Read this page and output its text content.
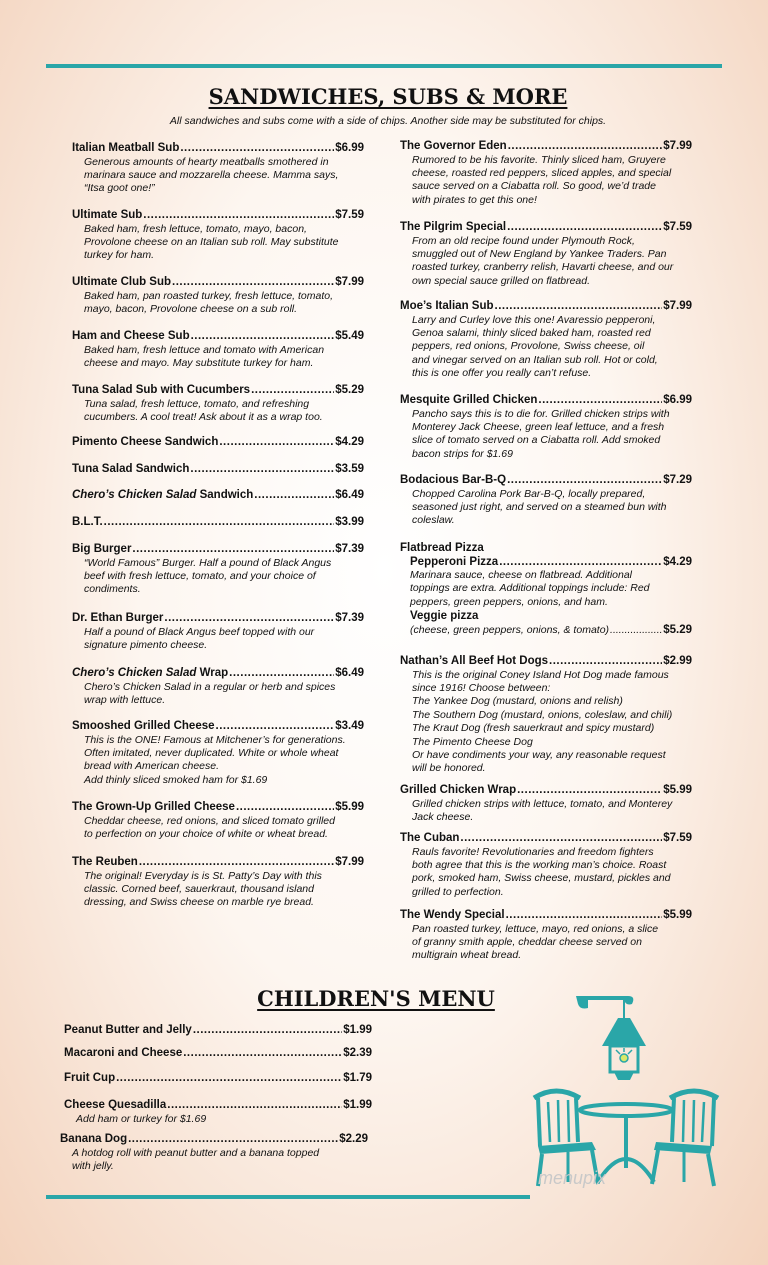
SANDWICHES, SUBS & MORE
All sandwiches and subs come with a side of chips. Another side may be substituted for chips.
Italian Meatball Sub .....	$6.99
Generous amounts of hearty meatballs smothered in
marinara sauce and mozzarella cheese. Mamma says,
“Itsa goot one!”
Ultimate Sub .....	$7.59
Baked ham, fresh lettuce, tomato, mayo, bacon,
Provolone cheese on an Italian sub roll. May substitute
turkey for ham.
Ultimate Club Sub .....	$7.99
Baked ham, pan roasted turkey, fresh lettuce, tomato,
mayo, bacon, Provolone cheese on a sub roll.
Ham and Cheese Sub .....	$5.49
Baked ham, fresh lettuce and tomato with American
cheese and mayo. May substitute turkey for ham.
Tuna Salad Sub with Cucumbers .....	$5.29
Tuna salad, fresh lettuce, tomato, and refreshing
cucumbers. A cool treat! Ask about it as a wrap too.
Pimento Cheese Sandwich .....	$4.29
Tuna Salad Sandwich .....	$3.59
Chero’s Chicken Salad Sandwich .....	$6.49
B.L.T. .....	$3.99
Big Burger .....	$7.39
“World Famous” Burger. Half a pound of Black Angus
beef with fresh lettuce, tomato, and your choice of
condiments.
Dr. Ethan Burger .....	$7.39
Half a pound of Black Angus beef topped with our
signature pimento cheese.
Chero’s Chicken Salad Wrap .....	$6.49
Chero’s Chicken Salad in a regular or herb and spices
wrap with lettuce.
Smooshed Grilled Cheese .....	$3.49
This is the ONE! Famous at Mitchener’s for generations.
Often imitated, never duplicated. White or whole wheat
bread with American cheese.
Add thinly sliced smoked ham for $1.69
The Grown-Up Grilled Cheese .....	$5.99
Cheddar cheese, red onions, and sliced tomato grilled
to perfection on your choice of white or wheat bread.
The Reuben .....	$7.99
The original! Everyday is is St. Patty’s Day with this
classic. Corned beef, sauerkraut, thousand island
dressing, and Swiss cheese on marble rye bread.
The Governor Eden .....	$7.99
Rumored to be his favorite. Thinly sliced ham, Gruyere
cheese, roasted red peppers, sliced apples, and special
sauce served on a Ciabatta roll. So good, we’d trade
with pirates to get this one!
The Pilgrim Special .....	$7.59
From an old recipe found under Plymouth Rock,
smuggled out of New England by Yankee Traders. Pan
roasted turkey, cranberry relish, Havarti cheese, and our
own special sauce grilled on flatbread.
Moe’s Italian Sub .....	$7.99
Larry and Curley love this one! Avaressio pepperoni,
Genoa salami, thinly sliced baked ham, roasted red
peppers, red onions, Provolone, Swiss cheese, oil
and vinegar served on an Italian sub roll. Hot or cold,
this is one offer you really can’t refuse.
Mesquite Grilled Chicken .....	$6.99
Pancho says this is to die for. Grilled chicken strips with
Monterey Jack Cheese, green leaf lettuce, and a fresh
slice of tomato served on a Ciabatta roll. Add smoked
bacon strips for $1.69
Bodacious Bar-B-Q .....	$7.29
Chopped Carolina Pork Bar-B-Q, locally prepared,
seasoned just right, and served on a steamed bun with
coleslaw.
Flatbread Pizza
Pepperoni Pizza .....	$4.29
Marinara sauce, cheese on flatbread. Additional
toppings are extra. Additional toppings include: Red
peppers, green peppers, onions, and ham.
Veggie pizza
(cheese, green peppers, onions, & tomato) .....	$5.29
Nathan’s All Beef Hot Dogs .....	$2.99
This is the original Coney Island Hot Dog made famous
since 1916! Choose between:
The Yankee Dog (mustard, onions and relish)
The Southern Dog (mustard, onions, coleslaw, and chili)
The Kraut Dog (fresh sauerkraut and spicy mustard)
The Pimento Cheese Dog
Or have condiments your way, any reasonable request
will be honored.
Grilled Chicken Wrap .....	$5.99
Grilled chicken strips with lettuce, tomato, and Monterey
Jack cheese.
The Cuban .....	$7.59
Rauls favorite! Revolutionaries and freedom fighters
both agree that this is the working man’s choice. Roast
pork, smoked ham, Swiss cheese, mustard, pickles and
grilled to perfection.
The Wendy Special .....	$5.99
Pan roasted turkey, lettuce, mayo, red onions, a slice
of granny smith apple, cheddar cheese served on
multigrain wheat bread.
CHILDREN'S MENU
Peanut Butter and Jelly .....	$1.99
Macaroni and Cheese .....	$2.39
Fruit Cup .....	$1.79
Cheese Quesadilla .....	$1.99
Add ham or turkey for $1.69
Banana Dog .....	$2.29
A hotdog roll with peanut butter and a banana topped
with jelly.
menupix
